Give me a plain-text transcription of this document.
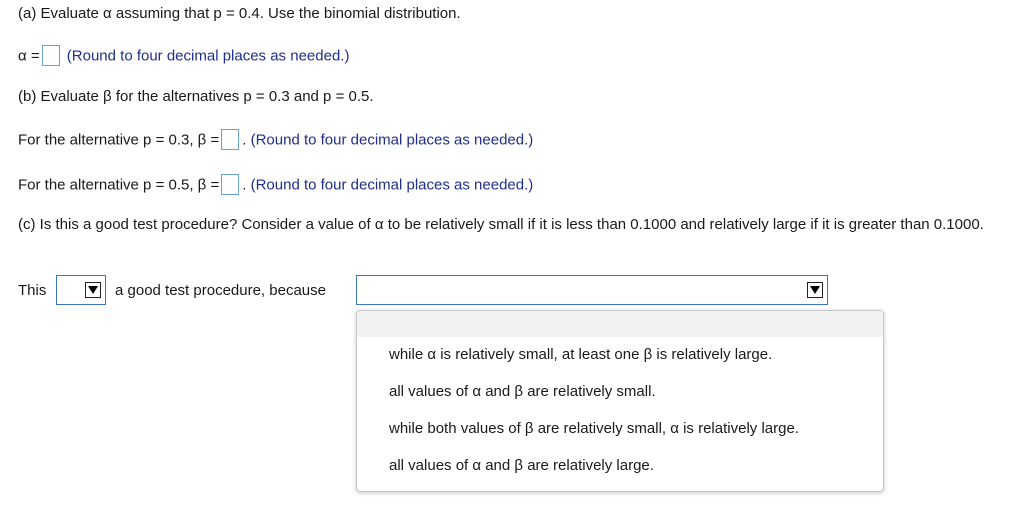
(a) Evaluate α assuming that p = 0.4. Use the binomial distribution.
α = (Round to four decimal places as needed.)
(b) Evaluate β for the alternatives p = 0.3 and p = 0.5.
For the alternative p = 0.3, β = . (Round to four decimal places as needed.)
For the alternative p = 0.5, β = . (Round to four decimal places as needed.)
(c) Is this a good test procedure? Consider a value of α to be relatively small if it is less than 0.1000 and relatively large if it is greater than 0.1000.
This	a good test procedure, because
while α is relatively small, at least one β is relatively large.
all values of α and β are relatively small.
while both values of β are relatively small, α is relatively large.
all values of α and β are relatively large.
